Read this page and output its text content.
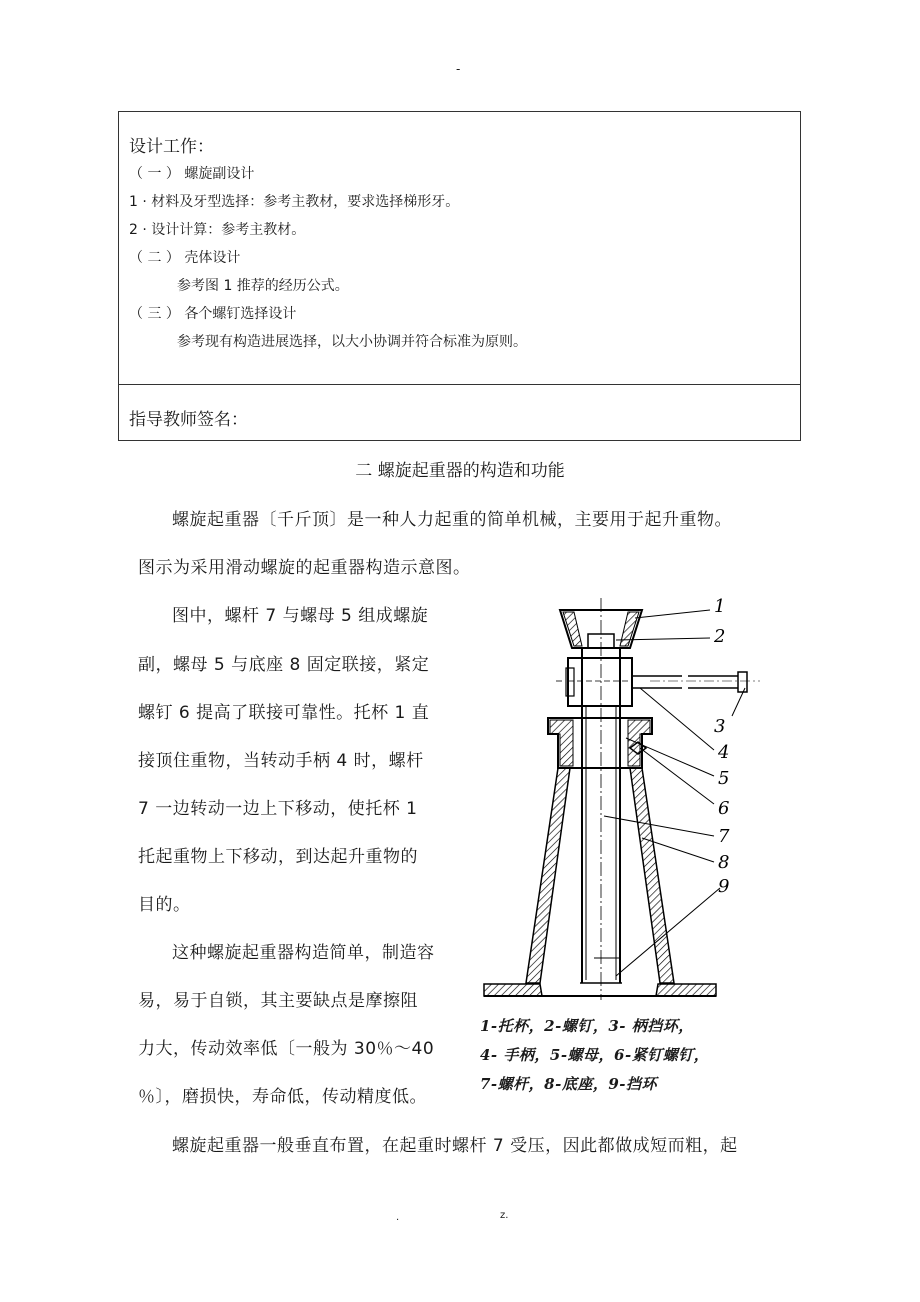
-
设计工作：
（ 一 ） 螺旋副设计
1 · 材料及牙型选择：参考主教材，要求选择梯形牙。
2 · 设计计算：参考主教材。
（ 二 ） 壳体设计
参考图 1 推荐的经历公式。
（ 三 ） 各个螺钉选择设计
参考现有构造进展选择，以大小协调并符合标准为原则。
指导教师签名：
二 螺旋起重器的构造和功能
螺旋起重器〔千斤顶〕是一种人力起重的简单机械，主要用于起升重物。
图示为采用滑动螺旋的起重器构造示意图。
图中，螺杆 7 与螺母 5 组成螺旋
副，螺母 5 与底座 8 固定联接，紧定
螺钉 6 提高了联接可靠性。托杯 1 直
接顶住重物，当转动手柄 4 时，螺杆
7 一边转动一边上下移动，使托杯 1
托起重物上下移动，到达起升重物的
目的。
这种螺旋起重器构造简单，制造容
易，易于自锁，其主要缺点是摩擦阻
力大，传动效率低〔一般为 30％～40
％〕，磨损快，寿命低，传动精度低。
螺旋起重器一般垂直布置，在起重时螺杆 7 受压，因此都做成短而粗，起
1
2
3
4
5
6
7
8
9
1-托杯，2-螺钉，3- 柄挡环，
4- 手柄，5-螺母，6-紧钉螺钉，
7-螺杆，8-底座，9-挡环
.	z.
